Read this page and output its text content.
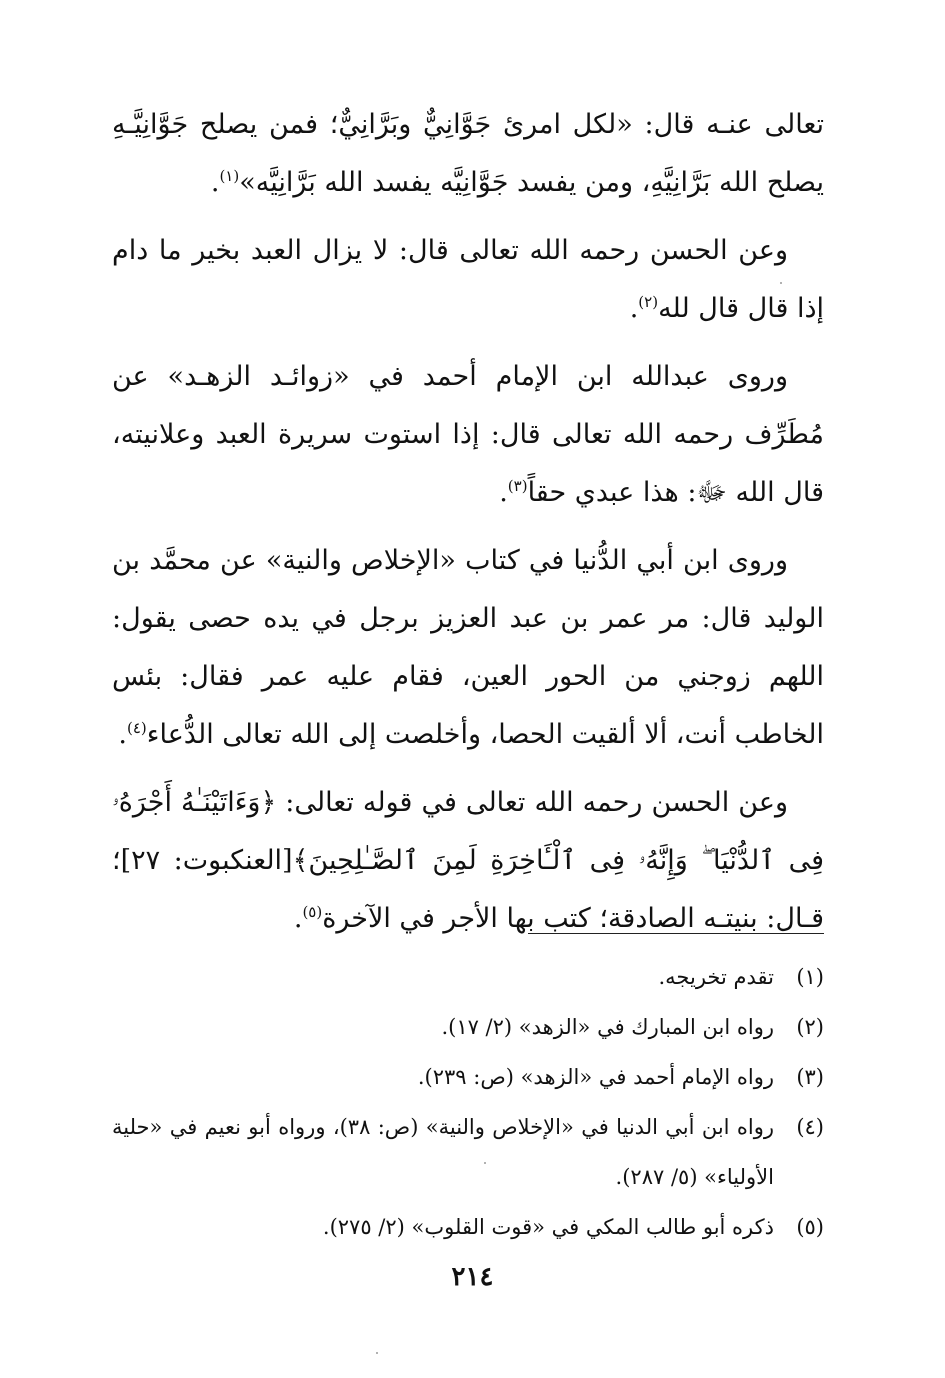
تعالى عنـه قال: «لكل امرئ جَوَّانِيٌّ وبَرَّانِيٌّ؛ فمن يصلح جَوَّانِيَّـهِ يصلح الله بَرَّانِيَّهِ، ومن يفسد جَوَّانِيَّه يفسد الله بَرَّانِيَّه»$^{(١)}$.

وعن الحسن رحمه الله تعالى قال: لا يزال العبد بخير ما دام إذا قال قال لله$^{(٢)}$.

وروى عبدالله ابن الإمام أحمد في «زوائـد الزهـد» عن مُطَرِّف رحمه الله تعالى قال: إذا استوت سريرة العبد وعلانيته، قال الله ﷻ: هذا عبدي حقاً$^{(٣)}$.

وروى ابن أبي الدُّنيا في كتاب «الإخلاص والنية» عن محمَّد بن الوليد قال: مر عمر بن عبد العزيز برجل في يده حصى يقول: اللهم زوجني من الحور العين، فقام عليه عمر فقال: بئس الخاطب أنت، ألا ألقيت الحصا، وأخلصت إلى الله تعالى الدُّعاء$^{(٤)}$.

وعن الحسن رحمه الله تعالى في قوله تعالى: ﴿وَءَاتَيْنَـٰهُ أَجْرَهُۥ فِى ٱلدُّنْيَا ۖ وَإِنَّهُۥ فِى ٱلْـَٔاخِرَةِ لَمِنَ ٱلصَّـٰلِحِينَ﴾[العنكبوت: ٢٧]؛ قـال: بنيتـه الصادقة؛ كتب بها الأجر في الآخرة$^{(٥)}$.

(١)
تقدم تخريجه.

(٢)
رواه ابن المبارك في «الزهد» (٢/ ١٧).

(٣)
رواه الإمام أحمد في «الزهد» (ص: ٢٣٩).

(٤)
رواه ابن أبي الدنيا في «الإخلاص والنية» (ص: ٣٨)، ورواه أبو نعيم في «حلية الأولياء» (٥/ ٢٨٧).

(٥)
ذكره أبو طالب المكي في «قوت القلوب» (٢/ ٢٧٥).

٢١٤
